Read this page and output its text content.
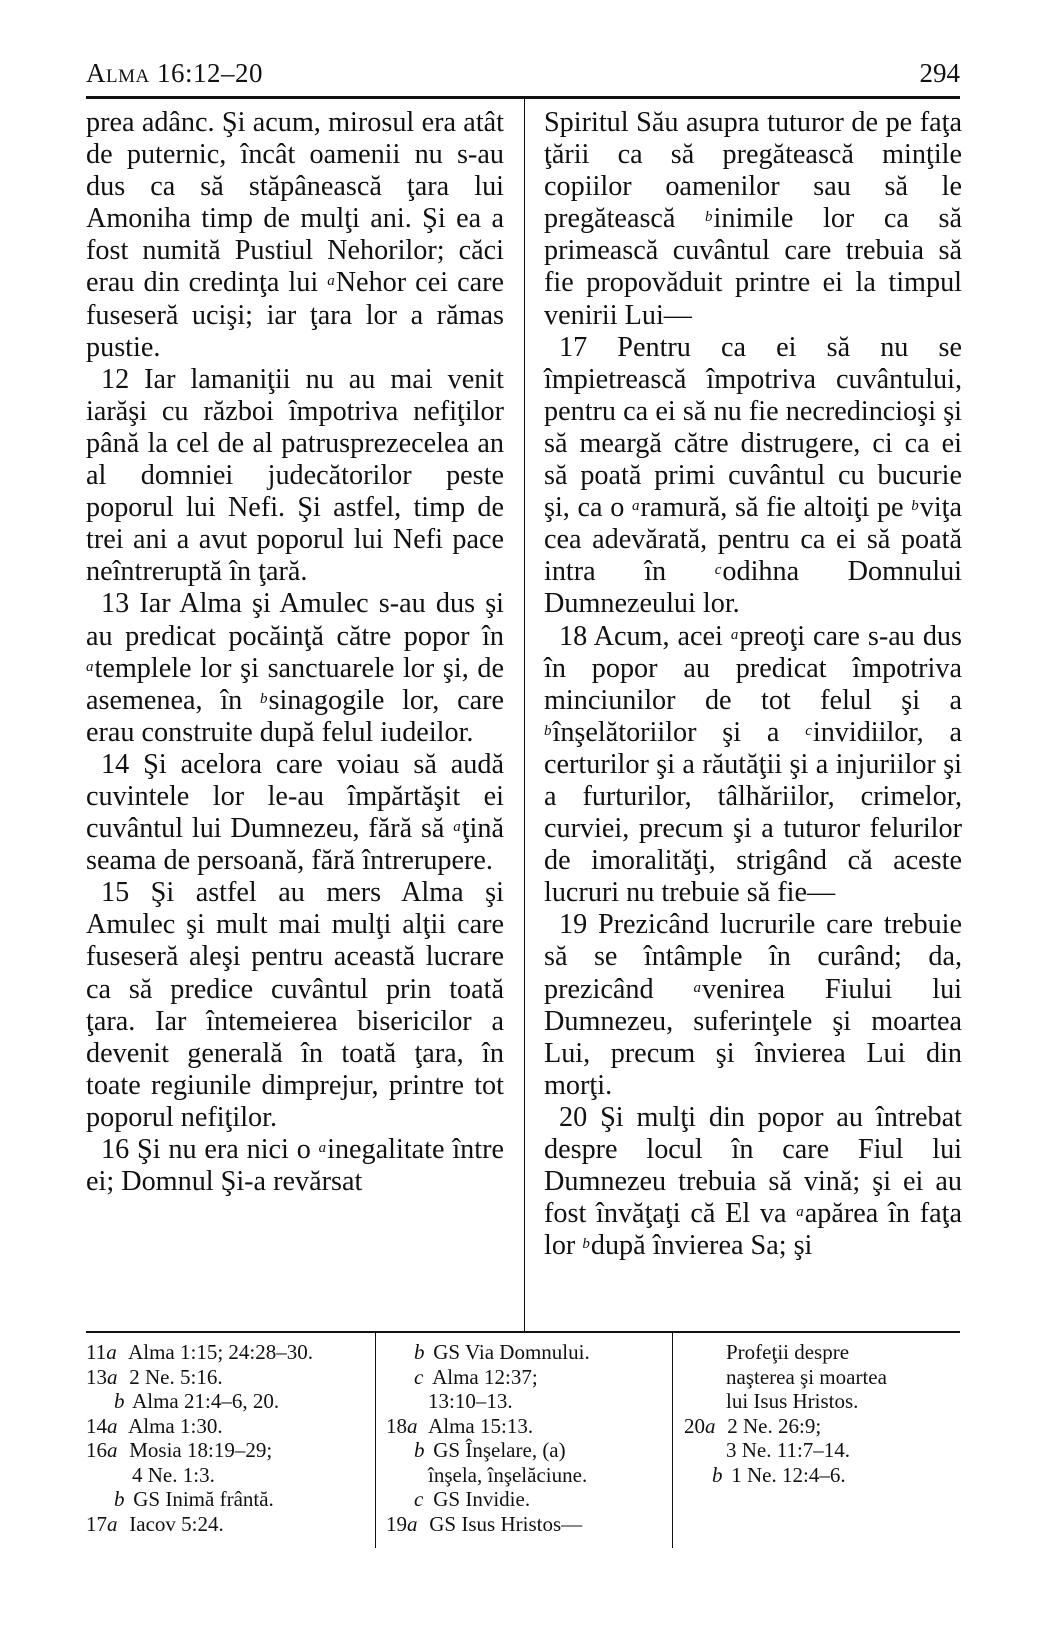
Alma 16:12–20	294

prea adânc. Şi acum, mirosul era atât de puternic, încât oamenii nu s-au dus ca să stăpânească ţara lui Amoniha timp de mulţi ani. Şi ea a fost numită Pustiul Nehorilor; căci erau din credinţa lui $^a$Nehor cei care fuseseră ucişi; iar ţara lor a rămas pustie.

12 Iar lamaniţii nu au mai venit iarăşi cu război împotriva nefiţilor până la cel de al patrusprezecelea an al domniei judecătorilor peste poporul lui Nefi. Şi astfel, timp de trei ani a avut poporul lui Nefi pace neîntreruptă în ţară.

13 Iar Alma şi Amulec s-au dus şi au predicat pocăinţă către popor în $^a$templele lor şi sanctuarele lor şi, de asemenea, în $^b$sinagogile lor, care erau construite după felul iudeilor.

14 Şi acelora care voiau să audă cuvintele lor le-au împărtăşit ei cuvântul lui Dumnezeu, fără să $^a$ţină seama de persoană, fără întrerupere.

15 Şi astfel au mers Alma şi Amulec şi mult mai mulţi alţii care fuseseră aleşi pentru această lucrare ca să predice cuvântul prin toată ţara. Iar întemeierea bisericilor a devenit generală în toată ţara, în toate regiunile dimprejur, printre tot poporul nefiţilor.

16 Şi nu era nici o $^a$inegalitate între ei; Domnul Şi-a revărsat

Spiritul Său asupra tuturor de pe faţa ţării ca să pregătească minţile copiilor oamenilor sau să le pregătească $^b$inimile lor ca să primească cuvântul care trebuia să fie propovăduit printre ei la timpul venirii Lui—

17 Pentru ca ei să nu se împietrească împotriva cuvântului, pentru ca ei să nu fie necredincioşi şi să meargă către distrugere, ci ca ei să poată primi cuvântul cu bucurie şi, ca o $^a$ramură, să fie altoiţi pe $^b$viţa cea adevărată, pentru ca ei să poată intra în $^c$odihna Domnului Dumnezeului lor.

18 Acum, acei $^a$preoţi care s-au dus în popor au predicat împotriva minciunilor de tot felul şi a $^b$înşelătoriilor şi a $^c$invidiilor, a certurilor şi a răutăţii şi a injuriilor şi a furturilor, tâlhăriilor, crimelor, curviei, precum şi a tuturor felurilor de imoralităţi, strigând că aceste lucruri nu trebuie să fie—

19 Prezicând lucrurile care trebuie să se întâmple în curând; da, prezicând $^a$venirea Fiului lui Dumnezeu, suferinţele şi moartea Lui, precum şi învierea Lui din morţi.

20 Şi mulţi din popor au întrebat despre locul în care Fiul lui Dumnezeu trebuia să vină; şi ei au fost învăţaţi că El va $^a$apărea în faţa lor $^b$după învierea Sa; şi

11a Alma 1:15; 24:28–30.
13a 2 Ne. 5:16.
b Alma 21:4–6, 20.
14a Alma 1:30.
16a Mosia 18:19–29;
4 Ne. 1:3.
b GS Inimă frântă.
17a Iacov 5:24.
b GS Via Domnului.
c Alma 12:37;
13:10–13.
18a Alma 15:13.
b GS Înşelare, (a)
înşela, înşelăciune.
c GS Invidie.
19a GS Isus Hristos—
Profeţii despre
naşterea şi moartea
lui Isus Hristos.
20a 2 Ne. 26:9;
3 Ne. 11:7–14.
b 1 Ne. 12:4–6.
